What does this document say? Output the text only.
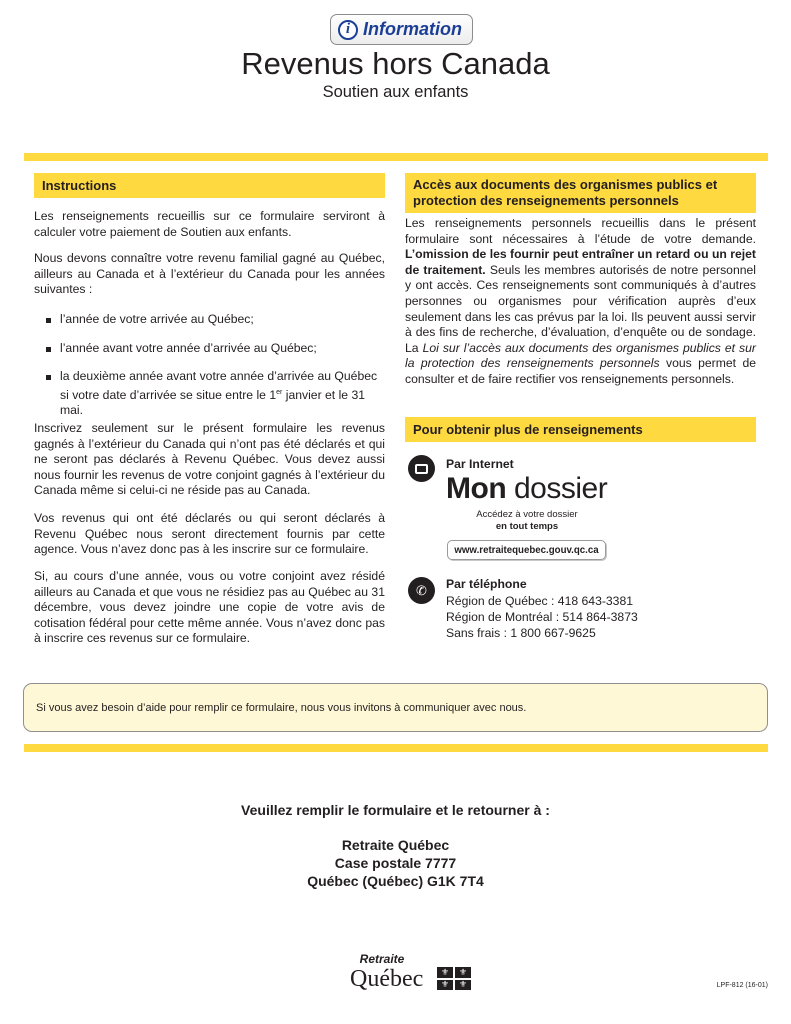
i Information
Revenus hors Canada
Soutien aux enfants
Instructions

Les renseignements recueillis sur ce formulaire serviront à calculer votre paiement de Soutien aux enfants.

Nous devons connaître votre revenu familial gagné au Québec, ailleurs au Canada et à l’extérieur du Canada pour les années suivantes :

l’année de votre arrivée au Québec;
l’année avant votre année d’arrivée au Québec;
la deuxième année avant votre année d’arrivée au Québec si votre date d’arrivée se situe entre le 1er janvier et le 31 mai.

Inscrivez seulement sur le présent formulaire les revenus gagnés à l’extérieur du Canada qui n’ont pas été déclarés et qui ne seront pas déclarés à Revenu Québec. Vous devez aussi nous fournir les revenus de votre conjoint gagnés à l’extérieur du Canada même si celui-ci ne réside pas au Canada.

Vos revenus qui ont été déclarés ou qui seront déclarés à Revenu Québec nous seront directement fournis par cette agence. Vous n’avez donc pas à les inscrire sur ce formulaire.

Si, au cours d’une année, vous ou votre conjoint avez résidé ailleurs au Canada et que vous ne résidiez pas au Québec au 31 décembre, vous devez joindre une copie de votre avis de cotisation fédéral pour cette même année. Vous n’avez donc pas à inscrire ces revenus sur ce formulaire.

Accès aux documents des organismes publics et protection des renseignements personnels

Les renseignements personnels recueillis dans le présent formulaire sont nécessaires à l’étude de votre demande. L’omission de les fournir peut entraîner un retard ou un rejet de traitement. Seuls les membres autorisés de notre personnel y ont accès. Ces renseignements sont communiqués à d’autres personnes ou organismes pour vérification auprès d’eux seulement dans les cas prévus par la loi. Ils peuvent aussi servir à des fins de recherche, d’évaluation, d’enquête ou de sondage. La Loi sur l’accès aux documents des organismes publics et sur la protection des renseignements personnels vous permet de consulter et de faire rectifier vos renseignements personnels.

Pour obtenir plus de renseignements
Par Internet
Mon dossier
Accédez à votre dossier
en tout temps
www.retraitequebec.gouv.qc.ca
✆	Par téléphone
Région de Québec : 418 643-3381
Région de Montréal : 514 864-3873
Sans frais : 1 800 667-9625
Si vous avez besoin d’aide pour remplir ce formulaire, nous vous invitons à communiquer avec nous.
Veuillez remplir le formulaire et le retourner à :
Retraite Québec
Case postale 7777
Québec (Québec) G1K 7T4
Retraite
Québec	⚜	⚜
⚜	⚜	LPF-812 (16-01)
